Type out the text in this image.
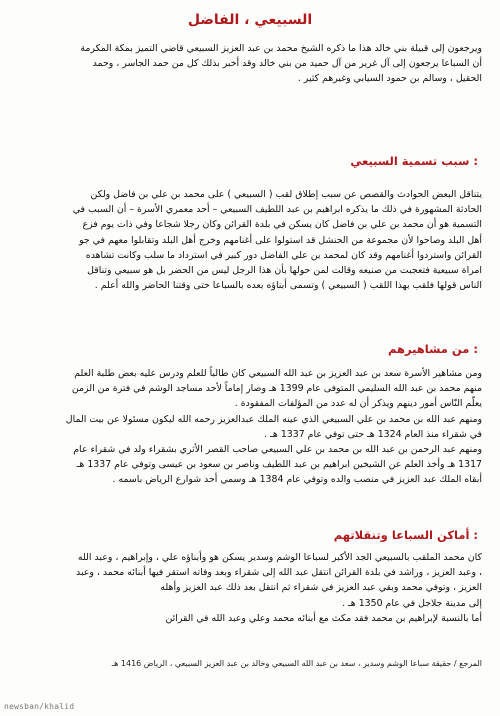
السبيعي ، الفاضل
ويرجعون إلى قبيلة بني خالد هذا ما ذكره الشيخ محمد بن عبد العزيز السبيعي قاضي التميز بمكة المكرمة
أن السباعا يرجعون إلى آل غرير من آل حميد من بني خالد وقد أخبر بذلك كل من حمد الجاسر ، وحمد
الحقيل ، وسالم بن حمود السيابي وغيرهم كثير .
سبب تسمية السبيعي :
يتناقل البعض الحوادث والقصص عن سبب إطلاق لقب ( السبيعي ) على محمد بن علي بن فاضل ولكن
الحادثة المشهورة في ذلك ما يذكره ابراهيم بن عبد اللطيف السبيعي – أحد معمري الأسرة – أن السبب في
التسمية هو أن محمد بن علي بن فاضل كان يسكن في بلدة القرائن وكان رجلا شجاعا وفي ذات يوم فزع
أهل البلد وصاحوا لأن مجموعة من الحنشل قد استولوا على أغنامهم وخرج أهل البلد وتقابلوا معهم في جو
القرائن واستردوا أغنامهم وقد كان لمحمد بن علي الفاضل دور كبير في استرداد ما سلب وكانت تشاهده
امراة سبيعية فتعجبت من صنيعه وقالت لمن حولها بأن هذا الرجل ليس من الحضر بل هو سبيعي وتناقل
الناس قولها فلقب بهذا اللقب ( السبيعي ) وتسمى أبناؤه بعده بالسباعا حتى وقتنا الحاضر والله أعلم .
من مشاهيرهم :
ومن مشاهير الأسرة سعد بن عبد العزيز بن عبد الله السبيعي كان طالباً للعلم ودرس عليه بعض طلبة العلم
منهم محمد بن عبد الله السليمي المتوفى عام 1399 هـ وصار إماماً لأحد مساجد الوشم في فترة من الزمن
يعلّم النّاس أمور دينهم ويذكر أن له عدد من المؤلفات المفقودة .
ومنهم عبد الله بن محمد بن علي السبيعي الذي عينه الملك عبدالعزيز رحمه الله ليكون مسئولا عن بيت المال
في شقراء منذ العام 1324 هـ حتى توفي عام 1337 هـ .
ومنهم عبد الرحمن بن عبد الله بن محمد بن علي السبيعي صاحب القصر الأثري بشقراء ولد في شقراء عام
1317 هـ وأخذ العلم عن الشيخين ابراهيم بن عبد اللطيف وناصر بن سعود بن عيسى وتوفي عام 1337 هـ
أبقاه الملك عبد العزيز في منصب والده وتوفي عام 1384 هـ وسمي أحد شوارع الرياض باسمه .
أماكن السباعا وتنقلاتهم :
كان محمد الملقب بالسبيعي الجد الأكبر لسباعا الوشم وسدير يسكن هو وأبناؤه علي ، وإبراهيم ، وعبد الله
، وعبد العزيز ، وراشد في بلدة القرائن انتقل عبد الله إلى شقراء وبعد وفاته استقر فيها أبنائه محمد ، وعبد
العزيز ، وتوفي محمد وبقي عبد العزيز في شقراء ثم انتقل بعد ذلك عبد العزيز وأهله
إلى مدينة جلاجل في عام 1350 هـ .
أما بالنسبة لإبراهيم بن محمد فقد مكث مع أبنائه محمد وعلي وعبد الله في القرائن
المرجع / حقيقة سباعا الوشم وسدير ، سعد بن عبد الله السبيعي وخالد بن عبد العزيز السبيعي ، الرياض 1416 هـ
newsban/khalid
